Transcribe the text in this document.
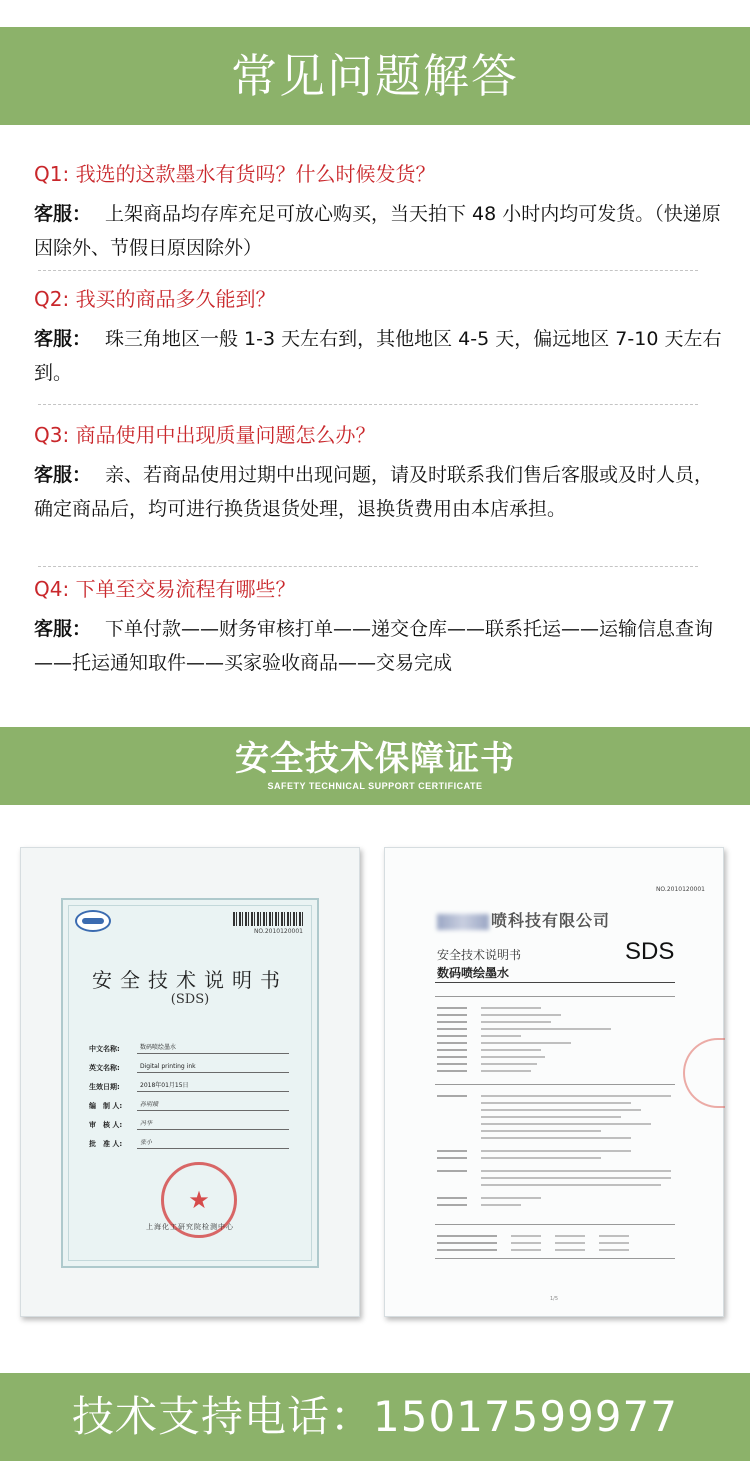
常见问题解答
Q1: 我选的这款墨水有货吗？什么时候发货？
客服： 上架商品均存库充足可放心购买，当天拍下 48 小时内均可发货。（快递原因除外、节假日原因除外）
Q2: 我买的商品多久能到？
客服： 珠三角地区一般 1-3 天左右到，其他地区 4-5 天，偏远地区 7-10 天左右到。
Q3: 商品使用中出现质量问题怎么办？
客服： 亲、若商品使用过期中出现问题，请及时联系我们售后客服或及时人员，确定商品后，均可进行换货退货处理，退换货费用由本店承担。
Q4: 下单至交易流程有哪些？
客服： 下单付款——财务审核打单——递交仓库——联系托运——运输信息查询——托运通知取件——买家验收商品——交易完成
安全技术保障证书
SAFETY TECHNICAL SUPPORT CERTIFICATE
NO.2010120001
安全技术说明书
(SDS)
中文名称:	数码喷绘墨水
英文名称:	Digital printing ink
生效日期:	2018年01月15日
编　制 人:	孙明娥
审　核 人:	冯华
批　准 人:	张小
★
上海化工研究院检测中心
NO.2010120001
喷科技有限公司
安全技术说明书	SDS
数码喷绘墨水
1/5
技术支持电话：15017599977
